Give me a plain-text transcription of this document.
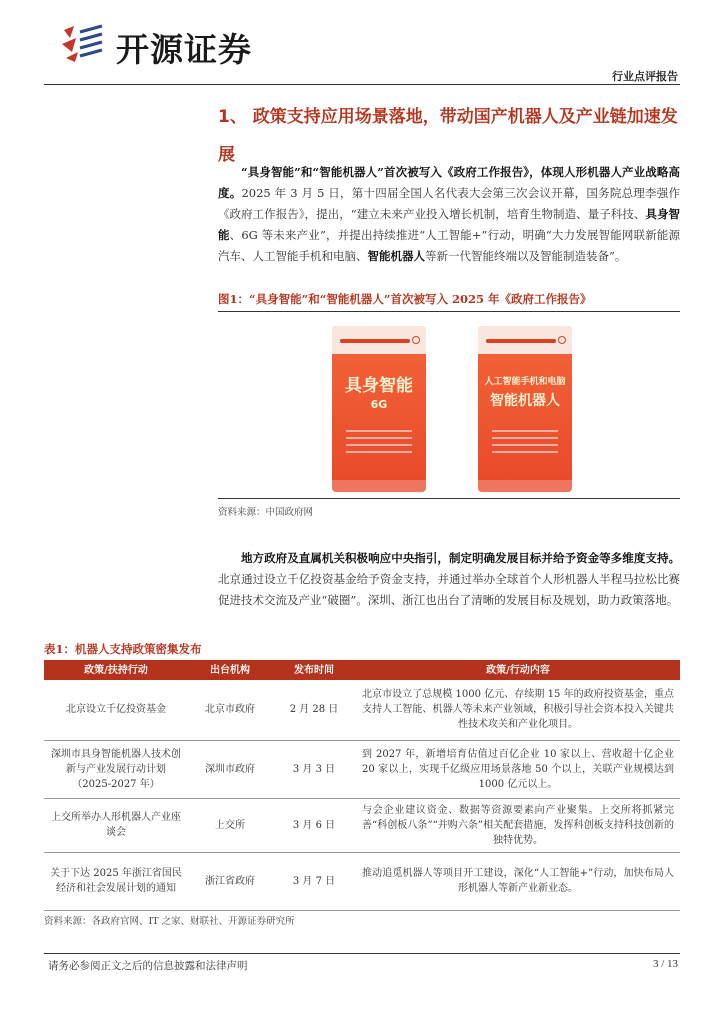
开源证券
行业点评报告
1、 政策支持应用场景落地，带动国产机器人及产业链加速发展
“具身智能”和“智能机器人”首次被写入《政府工作报告》，体现人形机器人产业战略高度。2025 年 3 月 5 日，第十四届全国人名代表大会第三次会议开幕，国务院总理李强作《政府工作报告》，提出，“建立未来产业投入增长机制，培育生物制造、量子科技、具身智能、6G 等未来产业”，并提出持续推进“人工智能+”行动，明确“大力发展智能网联新能源汽车、人工智能手机和电脑、智能机器人等新一代智能终端以及智能制造装备”。
图1：“具身智能”和“智能机器人”首次被写入 2025 年《政府工作报告》
具身智能
6G
人工智能手机和电脑
智能机器人
资料来源：中国政府网
地方政府及直属机关积极响应中央指引，制定明确发展目标并给予资金等多维度支持。北京通过设立千亿投资基金给予资金支持，并通过举办全球首个人形机器人半程马拉松比赛促进技术交流及产业“破圈”。深圳、浙江也出台了清晰的发展目标及规划，助力政策落地。
表1：机器人支持政策密集发布
政策/扶持行动	出台机构	发布时间	政策/行动内容
北京设立千亿投资基金	北京市政府	2 月 28 日	北京市设立了总规模 1000 亿元、存续期 15 年的政府投资基金，重点支持人工智能、机器人等未来产业领域，积极引导社会资本投入关键共性技术攻关和产业化项目。
深圳市具身智能机器人技术创新与产业发展行动计划（2025-2027 年）	深圳市政府	3 月 3 日	到 2027 年，新增培育估值过百亿企业 10 家以上、营收超十亿企业 20 家以上，实现千亿级应用场景落地 50 个以上，关联产业规模达到 1000 亿元以上。
上交所举办人形机器人产业座谈会	上交所	3 月 6 日	与会企业建议资金、数据等资源要素向产业聚集。上交所将抓紧完善“科创板八条”“并购六条”相关配套措施，发挥科创板支持科技创新的独特优势。
关于下达 2025 年浙江省国民经济和社会发展计划的通知	浙江省政府	3 月 7 日	推动追觅机器人等项目开工建设，深化“人工智能+”行动，加快布局人形机器人等新产业新业态。
资料来源：各政府官网、IT 之家、财联社、开源证券研究所
请务必参阅正文之后的信息披露和法律声明	3 / 13
